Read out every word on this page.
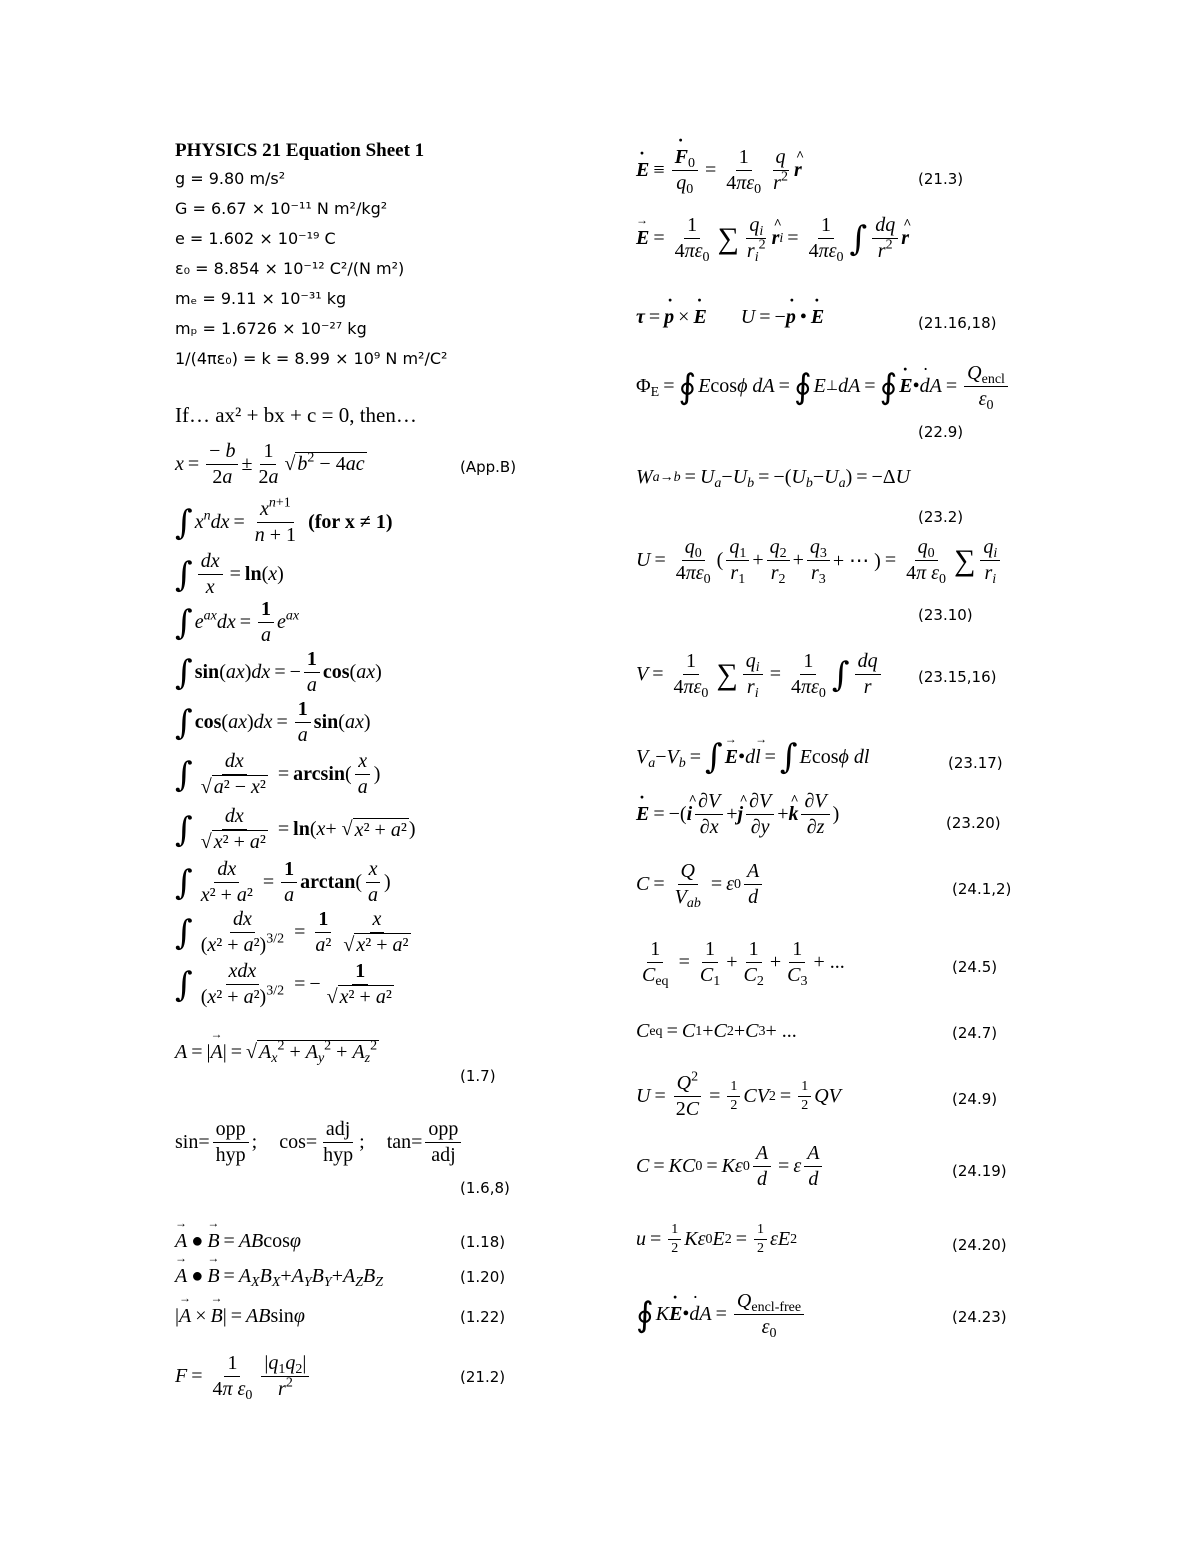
PHYSICS 21 Equation Sheet 1
g = 9.80 m/s²
G = 6.67 × 10⁻¹¹ N m²/kg²
e = 1.602 × 10⁻¹⁹ C
ε₀ = 8.854 × 10⁻¹² C²/(N m²)
mₑ = 9.11 × 10⁻³¹ kg
mₚ = 1.6726 × 10⁻²⁷ kg
1/(4πε₀) = k = 8.99 × 10⁹ N m²/C²
If… ax² + bx + c = 0, then…
$x = \frac{- b}{2a} \pm \frac{1}{2a}$ √ $b^2 - 4ac$	(App.B)
∫ $x^ndx = \frac{x^{n+1}}{n + 1} (for$ x ≠ 1)
∫ $\frac{dx}{x} = \ln$ ( x )
∫ $e^{ax}dx = \frac{1}{a} e^{ax}$
∫ sin ( ax ) dx = − $\frac{1}{a}$ cos ( ax )
∫ cos ( ax ) dx = $\frac{1}{a}$ sin ( ax )
∫ $\frac{dx}{\text{√ a² − x²}} = \arcsin$ ( $\frac{x}{a}$ )
∫ $\frac{dx}{\text{√ x² + a²}} = \ln$ ( x + √ x² + a² )
∫ $\frac{dx}{\text{x² + a²}} = \frac{1}{a}$ arctan ( $\frac{x}{a}$ )
∫ $\frac{dx}{(x^2 + a^2)^{3/2}} = \frac{1}{\text{a²}} \frac{x}{\text{√ x² + a²}}$
∫ $\frac{\text{xdx}}{(x^2 + a^2)^{3/2}}$ = − $\frac{1}{\text{√ x² + a²}}$
A = | → A | = √ $A_x^2 + A_y^2 + A_z^2$
(1.7)
$\sin= \frac{\text{opp}}{\text{hyp}}$ ; $\cos= \frac{\text{adj}}{\text{hyp}}$ ; $\tan= \frac{\text{opp}}{\text{adj}}$
(1.6,8)
→ A ● → B = AB cos φ	(1.18)
→ A ● → $B = A_XB_X + A_YB_Y + A_ZB_Z$	(1.20)
| → A × → B | = AB sin φ	(1.22)
$F = \frac{1}{4\pi \varepsilon_0} \frac{|q_1q_2|}{r^2}$	(21.2)
· E ≡ · $\frac{F_0}{q_0} = \frac{1}{4\pi\varepsilon_0} \frac{q}{r^2}$ ^ r	(21.3)
→ $E = \frac{1}{4\pi\varepsilon_0}$ ∑ $\frac{q_i}{r_i^2}$ ^ r $i = \frac{1}{4\pi\varepsilon_0}$ ∫ $\frac{dq}{r^2}$ ^ r
τ = · p × · E U = − · p • · E	(21.16,18)
$\Phi_E$ = ∮ E cos ϕ dA = ∮ E ⊥ dA = ∮ · E • · dA = $\frac{Q_{encl}}{\varepsilon_0}$
(22.9)
W $a\to b = U_a - U_b$ = −( $U_b - U_a$ ) = −Δ U
(23.2)
$U = \frac{q_0}{4\pi\varepsilon_0}$ ( $\frac{q_1}{r_1} + \frac{q_2}{r_2} + \frac{q_3}{r_3}$ + ⋯ ) = $\frac{q_0}{4\pi \varepsilon_0}$ ∑ $\frac{q_i}{r_i}$
(23.10)
$V = \frac{1}{4\pi\varepsilon_0}$ ∑ $\frac{q_i}{r_i} = \frac{1}{4\pi\varepsilon_0}$ ∫ $\frac{dq}{r} (23.15,16)$
$V_a - V_b$ = ∫ → E • d → l = ∫ E cos ϕ dl	(23.17)
· E = −( ^ i $\frac{\partial V}{\partial x}$ + ^ j $\frac{\partial V}{\partial y}$ + ^ k $\frac{\partial V}{\partial z}$ )	(23.20)
$C = \frac{Q}{V_{ab}} = \varepsilon$ $0 \frac{A}{d}$	(24.1,2)
$\frac{1}{C_{eq}} = \frac{1}{C_1} + \frac{1}{C_2} + \frac{1}{C_3}$ + ...	(24.5)
C eq = C 1 + C 2 + C 3 + ...	(24.7)
$U = \frac{Q^2}{2C} = \frac{1}{2}$ CV $2 = \frac{1}{2}$ QV	(24.9)
C = KC 0 = Kε $0 \frac{A}{d} = \varepsilon \frac{A}{d}$	(24.19)
$u = \frac{1}{2}$ Kε 0 E $2 = \frac{1}{2}$ εE 2	(24.20)
∮ K · E • · dA = $\frac{Q_{encl-free}}{\varepsilon_0}$	(24.23)
